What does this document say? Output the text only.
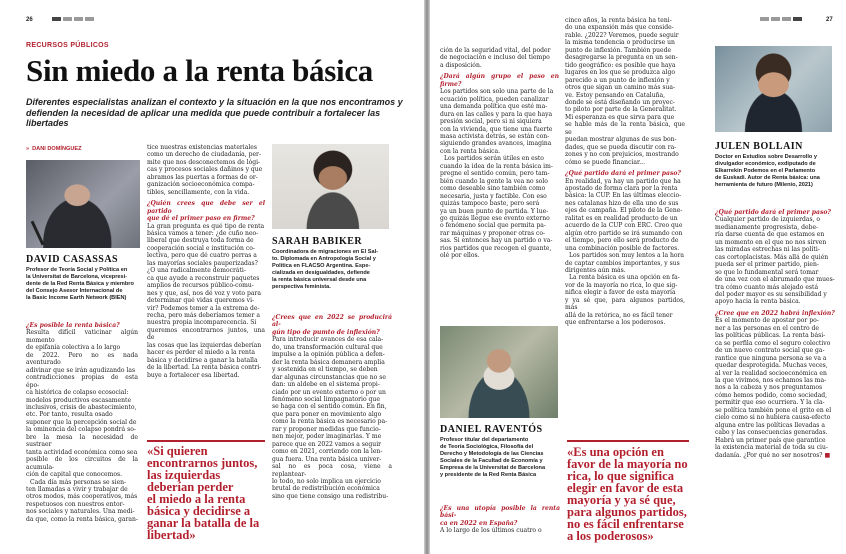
26
RECURSOS PÚBLICOS
Sin miedo a la renta básica
Diferentes especialistas analizan el contexto y la situación en la que nos encontramos y
defienden la necesidad de aplicar una medida que puede contribuir a fortalecer las libertades
» DANI DOMÍNGUEZ
DAVID CASASSAS
Profesor de Teoría Social y Política en
la Universitat de Barcelona, vicepresi-
dente de la Red Renta Básica y miembro
del Consejo Asesor Internacional de
la Basic Income Earth Network (BIEN)

¿Es posible la renta básica?

Resulta difícil vaticinar algún momento
de epifanía colectiva a lo largo
de 2022. Pero no es nada aventurado
adivinar que se irán agudizando las
contradicciones propias de esta épo-
ca histórica de colapso ecosocial:
modelos productivos escasamente
inclusivos, crisis de abastecimiento,
etc. Por tanto, resulta osado
suponer que la percepción social de
la ominencia del colapso pondrá so-
bre la mesa la necesidad de sustraer
tanta actividad económica como sea
posible de los circuitos de la acumula-
ción de capital que conocemos.
Cada día más personas se sien-
ten llamadas a vivir y trabajar de
otros modos, más cooperativos, más
respetuosos con nuestros entor-
nos sociales y naturales. Una medi-
da que, como la renta básica, garan-
tice nuestras existencias materiales
como un derecho de ciudadanía, per-
mite que nos desconectemos de lógi-
cas y procesos sociales dañinos y que
abramos las puertas a formas de or-
ganización socioeconómica compa-
tibles, sencillamente, con la vida.

¿Quién crees que debe ser el partido
que dé el primer paso en firme?

La gran pregunta es qué tipo de renta
básica vamos a tener: ¿de cuño neo-
liberal que destruya toda forma de
cooperación social e institución co-
lectiva, pero que dé cuatro perras a
las mayorías sociales pauperizadas?
¿O una radicalmente democráti-
ca que ayude a reconstruir paquetes
amplios de recursos público-comu-
nes y que, así, nos dé voz y voto para
determinar qué vidas queremos vi-
vir? Podemos temer a la extrema de-
recha, pero más deberíamos temer a
nuestra propia incomparecencia. Si
queremos encontrarnos juntos, una de
las cosas que las izquierdas deberían
hacer es perder el miedo a la renta
básica y decidirse a ganar la batalla
de la libertad. La renta básica contri-
buye a fortalecer esa libertad.
«Si quieren
encontrarnos juntos,
las izquierdas
deberían perder
el miedo a la renta
básica y decidirse a
ganar la batalla de la
libertad»
SARAH BABIKER
Coordinadora de migraciones en El Sal-
to. Diplomada en Antropología Social y
Política en FLACSO Argentina. Espe-
cializada en desigualdades, defiende
la renta básica universal desde una
perspectiva feminista.

¿Crees que en 2022 se producirá al-
gún tipo de pumto de inflexión?

Para introducir avances de esa cala-
do, una transformación cultural que
impulse a la opinión pública a defen-
der la renta básica demanera amplia
y sostenida en el tiempo, se deben
dar algunas circunstancias que no se
dan: un aldebe en el sistema propi-
ciado por un evento externo o por un
fenómeno social limpagnatorio que
se haga con el sentido común. En fin,
que para poner en movimiento algo
como la renta básica es necesario pa-
rar y proponer medidas que funcio-
nen mejor, poder imaginarlas. Y me
parece que en 2022 vamos a seguir
como en 2021, corriendo con la len-
gua fuera. Una renta básica univer-
sal no es poca cosa, viene a replantear-
lo todo, no solo implica un ejercicio
brutal de redistribución económica
sino que tiene consigo una redistribu-
27
ción de la seguridad vital, del poder
de negociación e incluso del tiempo
a disposición.

¿Dará algún grupo el paso en firme?

Los partidos son solo una parte de la
ecuación política, pueden canalizar
una demanda política que esté ma-
dura en las calles y para la que haya
presión social, pero si ni siquiera
con la vivienda, que tiene una fuerte
masa activista detrás, se están con-
siguiendo grandes avances, imagina
con la renta básica.
Los partidos serán útiles en esto
cuando la idea de la renta básica im-
pregne el sentido común, pero tam-
bién cuando la gente la vea no solo
como deseable sino también como
necesaria, justa y factible. Con eso
quizás tampoco baste, pero será
ya un buen punto de partida. Y lue-
go quizás llegue ese evento externo
o fenómeno social que permita pa-
rar máquinas y proponer otras co-
sas. Si entonces hay un partido o va-
rios partidos que recogen el guante,
olé por ellos.
DANIEL RAVENTÓS
Profesor titular del departamento
de Teoría Sociológica, Filosofía del
Derecho y Metodología de las Ciencias
Sociales de la Facultad de Economía y
Empresa de la Universitat de Barcelona
y presidente de la Red Renta Básica

¿Es una utopía posible la renta bási-
ca en 2022 en España?

A lo largo de los últimos cuatro o
cinco años, la renta básica ha teni-
do una expansión más que conside-
rable. ¿2022? Veremos, puede seguir
la misma tendencia o producirse un
punto de inflexión. También puede
desagregarse la pregunta en un sen-
tido geográfico: es posible que haya
lugares en los que se produzca algo
parecido a un punto de inflexión y
otros que sigan un camino más sua-
ve. Estoy pensando en Cataluña,
donde se está diseñando un proyec-
to piloto por parte de la Generalitat.
Mi esperanza es que sirva para que
se hable más de la renta básica, que se
puedan mostrar algunas de sus bon-
dades, que se pueda discutir con ra-
zones y no con prejuicios, mostrando
cómo se puede financiar...

¿Qué partido dará el primer paso?

En realidad, ya hay un partido que ha
apostado de forma clara por la renta
básica: la CUP. En las últimas eleccio-
nes catalanas hizo de ella uno de sus
ejes de campaña. El piloto de la Gene-
ralitat es en realidad producto de un
acuerdo de la CUP con ERC. Creo que
algún otro partido se irá sumando con
el tiempo, pero ello será producto de
una combinación posible de factores.
Los partidos son muy lentos a la hora
de captar cambios importantes, y sus
dirigentes aún más.
La renta básica es una opción en fa-
vor de la mayoría no rica, lo que sig-
nifica elegir a favor de esta mayoría
y ya sé que, para algunos partidos, más
allá de la retórica, no es fácil tener
que enfrentarse a los poderosos.
«Es una opción en
favor de la mayoría no
rica, lo que significa
elegir en favor de esta
mayoría y ya sé que,
para algunos partidos,
no es fácil enfrentarse
a los poderosos»
JULEN BOLLAIN
Doctor en Estudios sobre Desarrollo y
divulgador económico, exdiputado de
Elkarrekin Podemos en el Parlamento
de Euskadi. Autor de Renta básica: una
herramienta de futuro (Milenio, 2021)

¿Qué partido dará el primer paso?

Cualquier partido de izquierdas, o
medianamente progresista, debe-
ría darse cuenta de que estamos en
un momento en el que no nos sirven
las miradas estrechas ni las políti-
cas cortoplacistas. Más allá de quién
pueda ser el primer partido, pien-
so que lo fundamental será tomar
de una vez con el abrumado que mues-
tra cómo cuanto más alejado está
del poder mayor es su sensibilidad y
apoyo hacia la renta básica.

¿Cree que en 2022 habrá inflexión?

Es el momento de apostar por po-
ner a las personas en el centro de
las políticas públicas. La renta bási-
ca se perfila como el seguro colectivo
de un nuevo contrato social que ga-
rantice que ninguna persona se va a
quedar desprotegida. Muchas veces,
al ver la realidad socioeconómica en
la que vivimos, nos echamos las ma-
nos a la cabeza y nos preguntamos
cómo hemos podido, como sociedad,
permitir que eso ocurriera. Y la cla-
se política también pone el grito en el
cielo como si no hubiera causa-efecto
alguna entre las políticas llevadas a
cabo y las consecuencias generadas.
Habrá un primer país que garantice
la existencia material de toda su ciu-
dadanía. ¿Por qué no ser nosotros? ■
